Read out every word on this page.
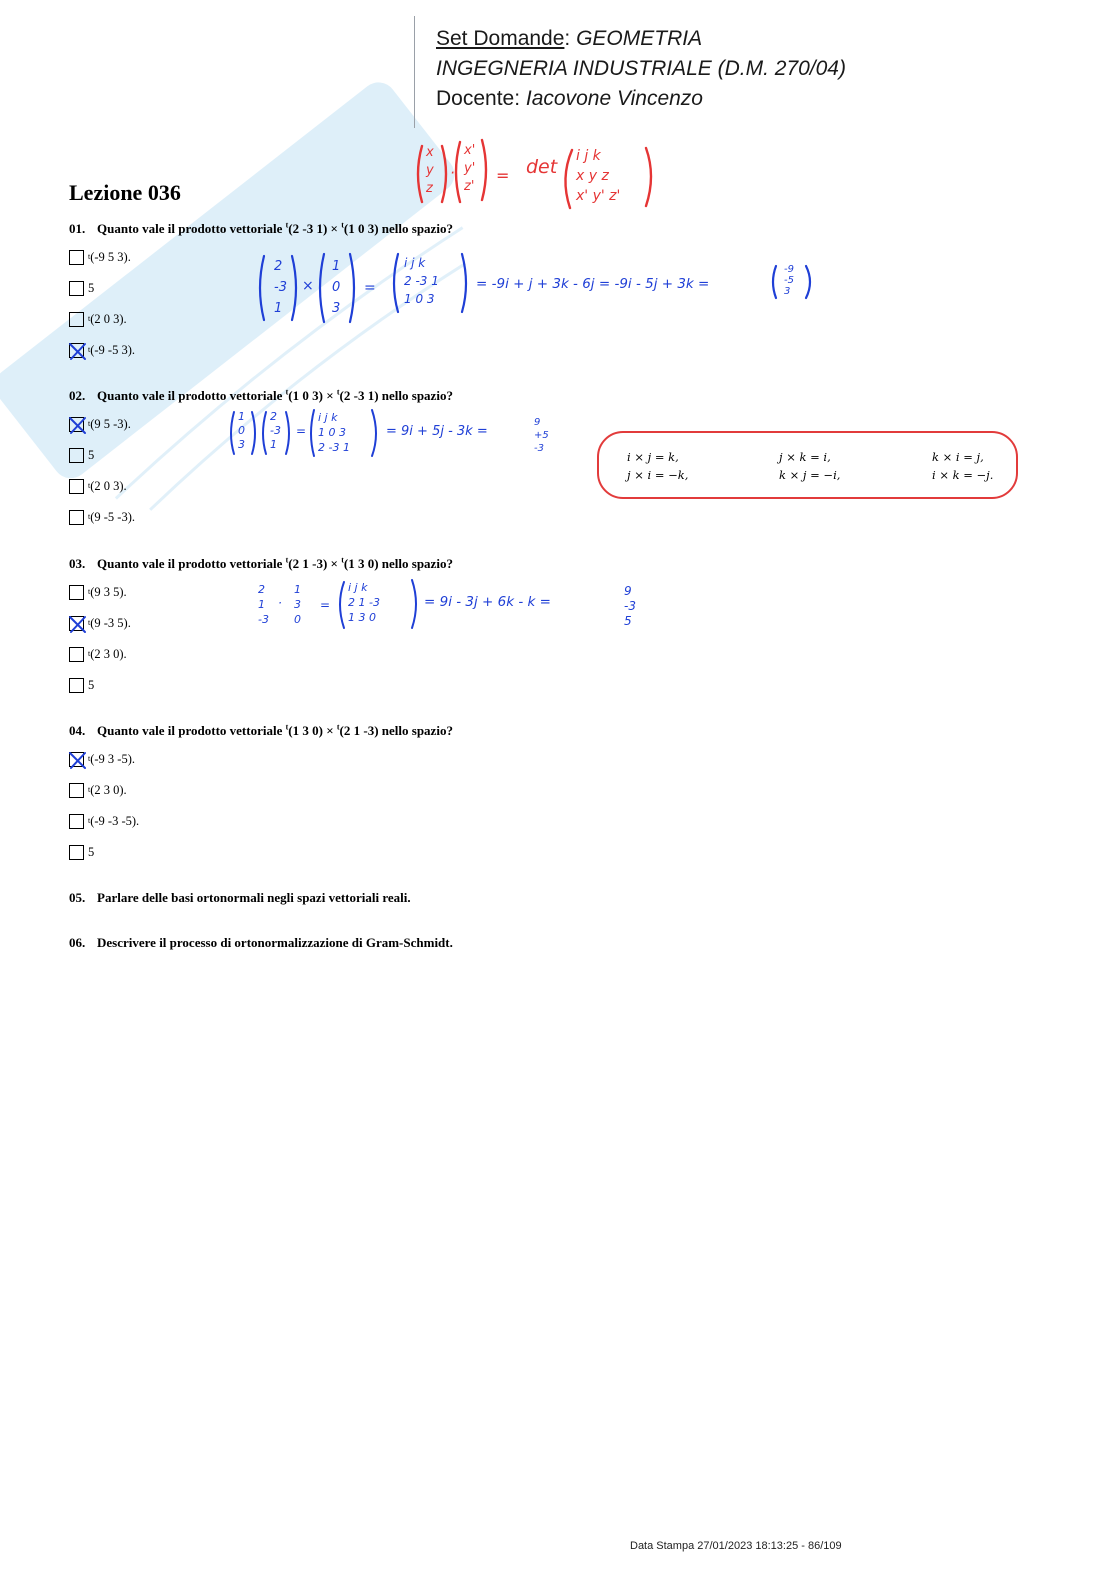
Set Domande: GEOMETRIA
INGEGNERIA INDUSTRIALE (D.M. 270/04)
Docente: Iacovone Vincenzo
x
y
z
·
x'
y'
z'
= det i j k
x y z
x' y' z'
Lezione 036
01. Quanto vale il prodotto vettoriale $^t$(2 -3 1) × $^t$(1 0 3) nello spazio?
t (-9 5 3).
5
t (2 0 3).
t (-9 -5 3).
02. Quanto vale il prodotto vettoriale $^t$(1 0 3) × $^t$(2 -3 1) nello spazio?
t (9 5 -3).
5
t (2 0 3).
t (9 -5 -3).
03. Quanto vale il prodotto vettoriale $^t$(2 1 -3) × $^t$(1 3 0) nello spazio?
t (9 3 5).
t (9 -3 5).
t (2 3 0).
5
04. Quanto vale il prodotto vettoriale $^t$(1 3 0) × $^t$(2 1 -3) nello spazio?
t (-9 3 -5).
t (2 3 0).
t (-9 -3 -5).
5
05. Parlare delle basi ortonormali negli spazi vettoriali reali.
06. Descrivere il processo di ortonormalizzazione di Gram-Schmidt.
2
-3
1
×
1
0
3
=
i j k
2 -3 1
1 0 3
= -9i + j + 3k - 6j = -9i - 5j + 3k =
-9
-5
3
1
0
3
2
-3
1
=
i j k
1 0 3
2 -3 1
= 9i + 5j - 3k =
9
+5
-3
i × j = k,	j × k = i,	k × i = j,
j × i = −k,	k × j = −i,	i × k = −j.
2
1
-3
·
1
3
0
=
i j k
2 1 -3
1 3 0
= 9i - 3j + 6k - k =
9
-3
5
Data Stampa 27/01/2023 18:13:25 - 86/109
